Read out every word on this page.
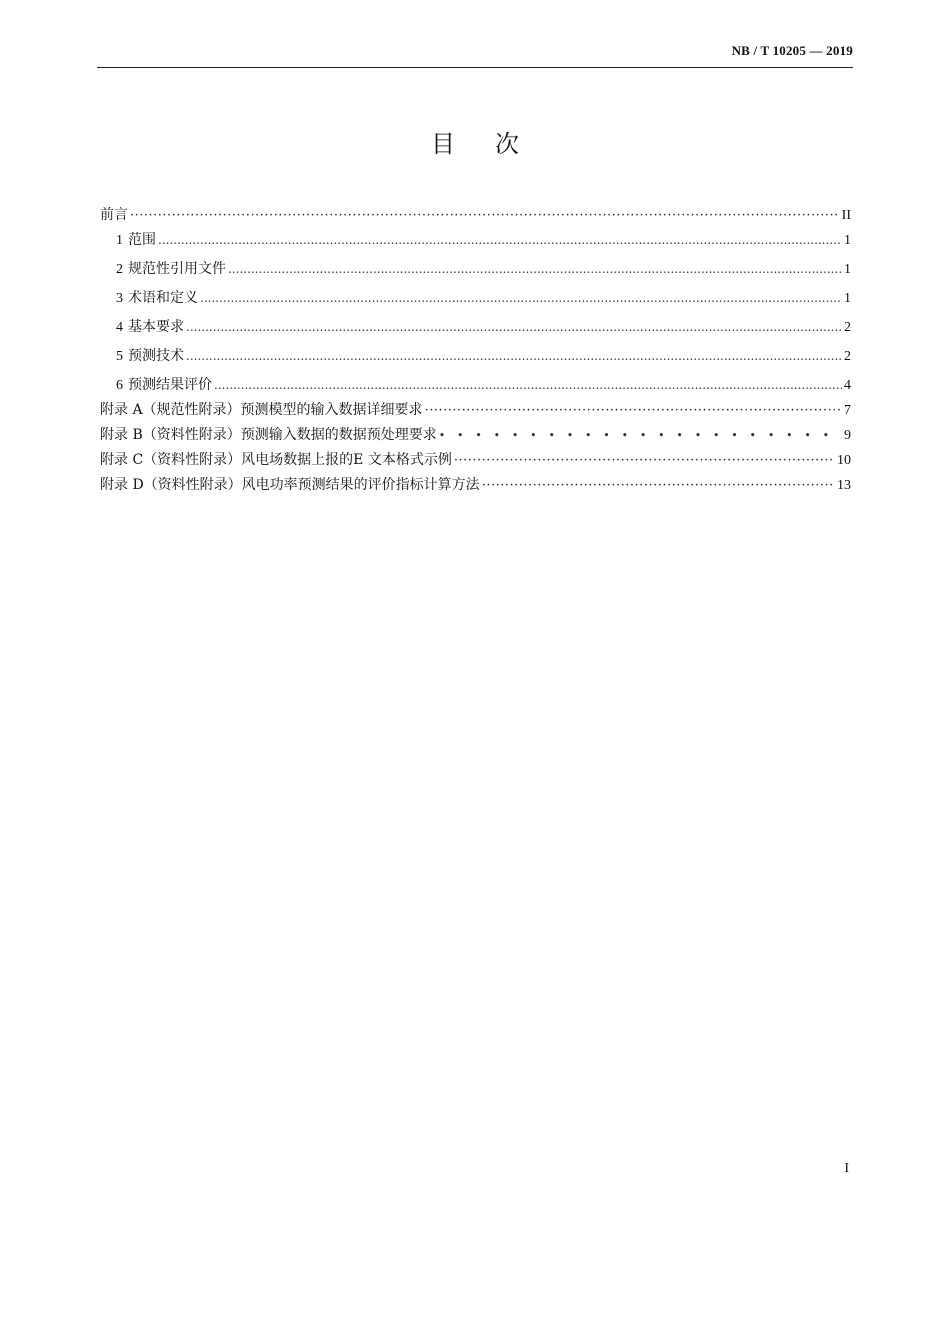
NB / T 10205 — 2019
目次
前言 ·····	II
1 范围 .....	1
2 规范性引用文件 .....	1
3 术语和定义 .....	1
4 基本要求 .....	2
5 预测技术 .....	2
6 预测结果评价 .....	4
附录 A（规范性附录）预测模型的输入数据详细要求 ·····	7
附录 B（资料性附录）预测输入数据的数据预处理要求 • •	9
附录 C（资料性附录）风电场数据上报的E 文本格式示例 ·····	10
附录 D（资料性附录）风电功率预测结果的评价指标计算方法 ·····	13
I
